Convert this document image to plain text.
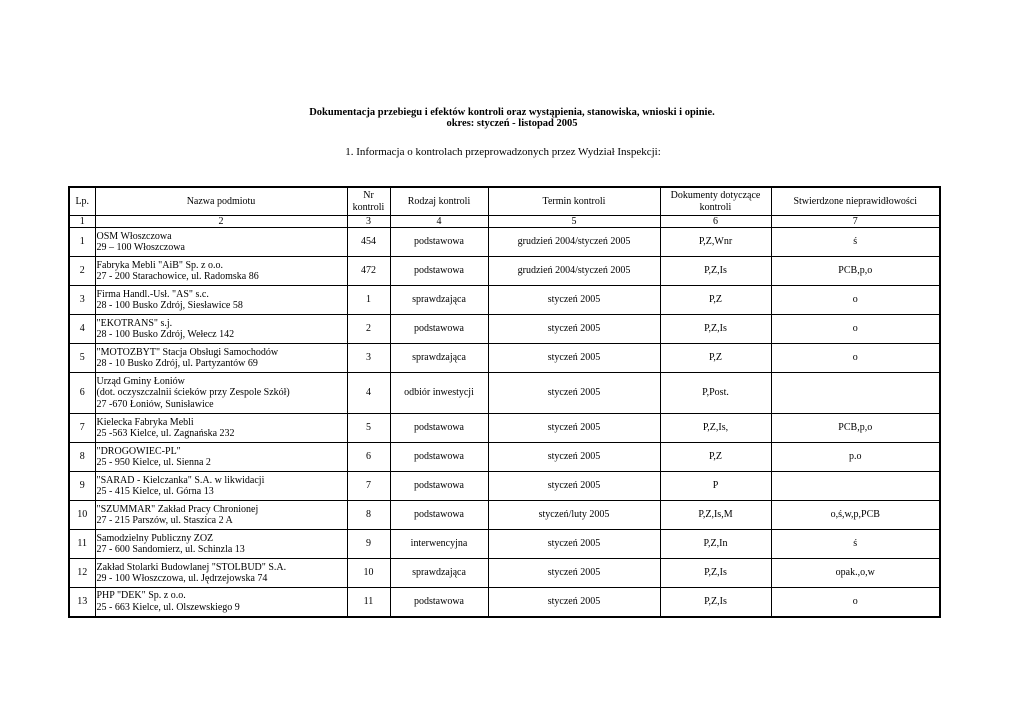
Dokumentacja przebiegu i efektów kontroli oraz wystąpienia, stanowiska, wnioski i opinie.
okres: styczeń - listopad 2005
1. Informacja o kontrolach przeprowadzonych przez Wydział Inspekcji:
Lp.	Nazwa podmiotu	Nr
kontroli	Rodzaj kontroli	Termin kontroli	Dokumenty dotyczące
kontroli	Stwierdzone nieprawidłowości
1	2	3	4	5	6	7
1	OSM Włoszczowa
29 – 100 Włoszczowa	454	podstawowa	grudzień 2004/styczeń 2005	P,Z,Wnr	ś
2	Fabryka Mebli "AiB" Sp. z o.o.
27 - 200 Starachowice, ul. Radomska 86	472	podstawowa	grudzień 2004/styczeń 2005	P,Z,Is	PCB,p,o
3	Firma Handl.-Usł. "AS" s.c.
28 - 100 Busko Zdrój, Siesławice 58	1	sprawdzająca	styczeń 2005	P,Z	o
4	"EKOTRANS" s.j.
28 - 100 Busko Zdrój, Wełecz 142	2	podstawowa	styczeń 2005	P,Z,Is	o
5	"MOTOZBYT" Stacja Obsługi Samochodów
28 - 10 Busko Zdrój, ul. Partyzantów 69	3	sprawdzająca	styczeń 2005	P,Z	o
6	Urząd Gminy Łoniów
(dot. oczyszczalnii ścieków przy Zespole Szkół)
27 -670 Łoniów, Sunisławice	4	odbiór inwestycji	styczeń 2005	P,Post.	
7	Kielecka Fabryka Mebli
25 -563 Kielce, ul. Zagnańska 232	5	podstawowa	styczeń 2005	P,Z,Is,	PCB,p,o
8	"DROGOWIEC-PL"
25 - 950 Kielce, ul. Sienna 2	6	podstawowa	styczeń 2005	P,Z	p.o
9	"SARAD - Kielczanka" S.A. w likwidacji
25 - 415 Kielce, ul. Górna 13	7	podstawowa	styczeń 2005	P	
10	"SZUMMAR" Zakład Pracy Chronionej
27 - 215 Parszów, ul. Staszica 2 A	8	podstawowa	styczeń/luty 2005	P,Z,Is,M	o,ś,w,p,PCB
11	Samodzielny Publiczny ZOZ
27 - 600 Sandomierz, ul. Schinzla 13	9	interwencyjna	styczeń 2005	P,Z,In	ś
12	Zakład Stolarki Budowlanej "STOLBUD" S.A.
29 - 100 Włoszczowa, ul. Jędrzejowska 74	10	sprawdzająca	styczeń 2005	P,Z,Is	opak.,o,w
13	PHP "DEK" Sp. z o.o.
25 - 663 Kielce, ul. Olszewskiego 9	11	podstawowa	styczeń 2005	P,Z,Is	o
